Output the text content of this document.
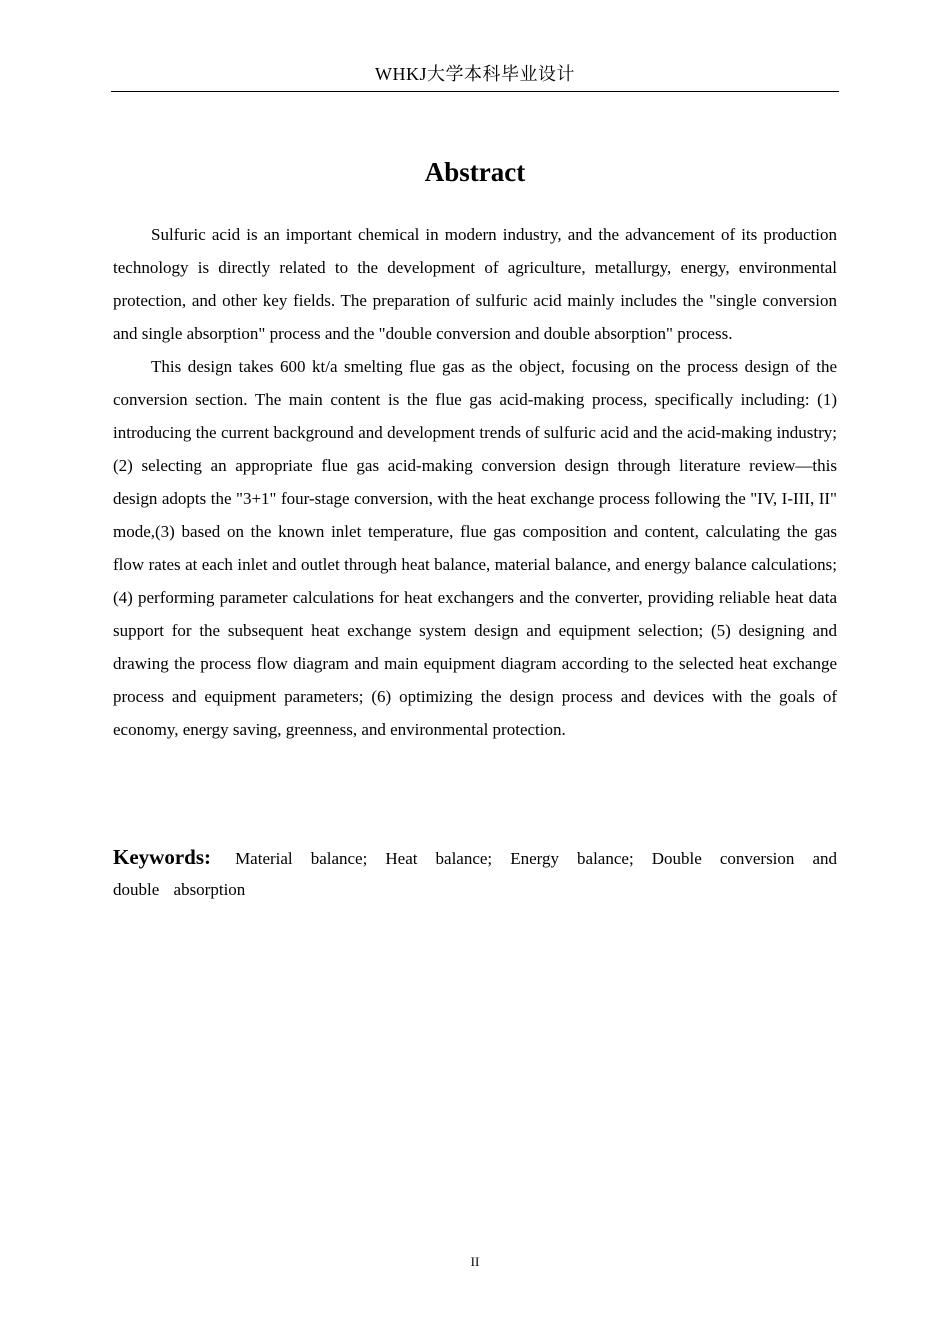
WHKJ大学本科毕业设计
Abstract

Sulfuric acid is an important chemical in modern industry, and the advancement of its production technology is directly related to the development of agriculture, metallurgy, energy, environmental protection, and other key fields. The preparation of sulfuric acid mainly includes the "single conversion and single absorption" process and the "double conversion and double absorption" process.

This design takes 600 kt/a smelting flue gas as the object, focusing on the process design of the conversion section. The main content is the flue gas acid-making process, specifically including: (1) introducing the current background and development trends of sulfuric acid and the acid-making industry; (2) selecting an appropriate flue gas acid-making conversion design through literature review—this design adopts the "3+1" four-stage conversion, with the heat exchange process following the "IV, I-III, II" mode,(3) based on the known inlet temperature, flue gas composition and content, calculating the gas flow rates at each inlet and outlet through heat balance, material balance, and energy balance calculations; (4) performing parameter calculations for heat exchangers and the converter, providing reliable heat data support for the subsequent heat exchange system design and equipment selection; (5) designing and drawing the process flow diagram and main equipment diagram according to the selected heat exchange process and equipment parameters; (6) optimizing the design process and devices with the goals of economy, energy saving, greenness, and environmental protection.

Keywords: Material balance; Heat balance; Energy balance; Double conversion and double absorption
II
